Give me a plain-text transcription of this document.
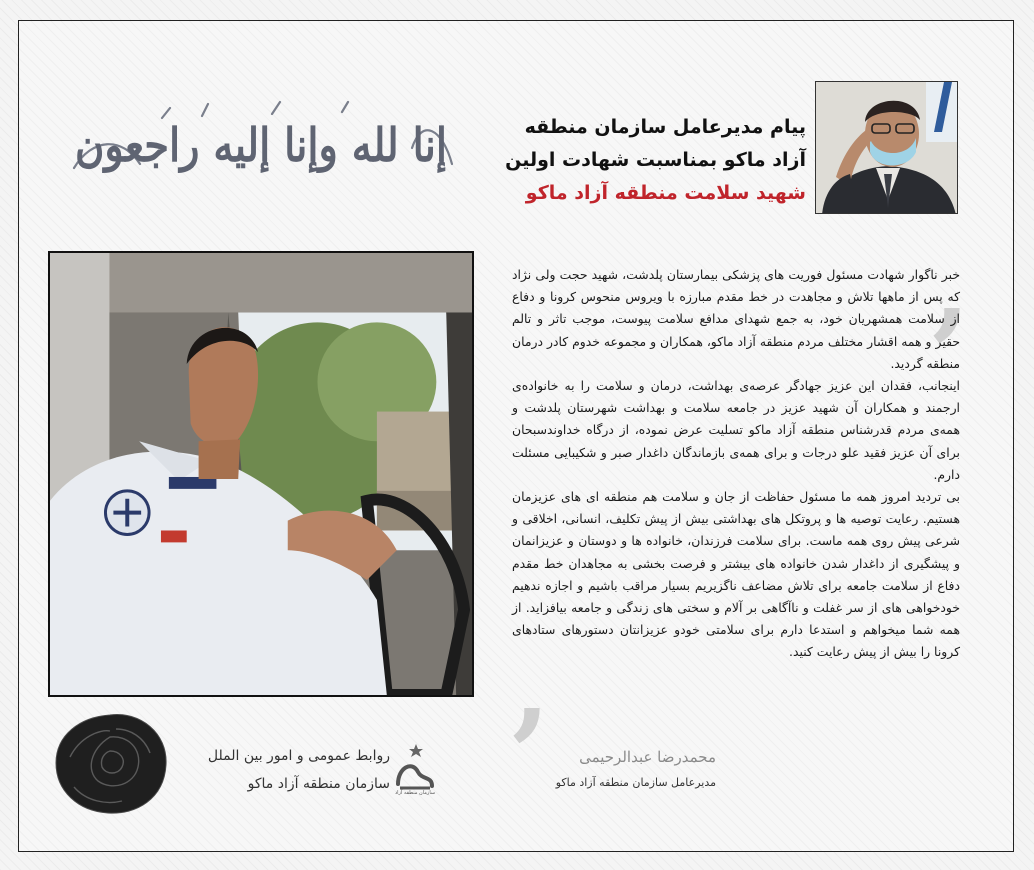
إنا لله وإنا إليه راجعون	پیام مدیرعامل سازمان منطقه
آزاد ماکو بمناسبت شهادت اولین
شهید سلامت منطقه آزاد ماکو
,
,

خبر ناگوار شهادت مسئول فوریت های پزشکی بیمارستان پلدشت، شهید حجت ولی نژاد که پس از ماهها تلاش و مجاهدت در خط مقدم مبارزه با ویروس منحوس کرونا و دفاع از سلامت همشهریان خود، به جمع شهدای مدافع سلامت پیوست، موجب تاثر و تالم حقیر و همه اقشار مختلف مردم منطقه آزاد ماکو، همکاران و مجموعه خدوم کادر درمان منطقه گردید.

اینجانب، فقدان این عزیز جهادگر عرصه‌ی بهداشت، درمان و سلامت را به خانواده‌ی ارجمند و همکاران آن شهید عزیز در جامعه سلامت و بهداشت شهرستان پلدشت و همه‌ی مردم قدرشناس منطقه آزاد ماکو تسلیت عرض نموده، از درگاه خداوندسبحان برای آن عزیز فقید علو درجات و برای همه‌ی بازماندگان داغدار صبر و شکیبایی مسئلت دارم.

بی تردید امروز همه ما مسئول حفاظت از جان و سلامت هم منطقه ای های عزیزمان هستیم. رعایت توصیه ها و پروتکل های بهداشتی بیش از پیش تکلیف، انسانی، اخلاقی و شرعی پیش روی همه ماست. برای سلامت فرزندان، خانواده ها و دوستان و عزیزانمان و پیشگیری از داغدار شدن خانواده های بیشتر و فرصت بخشی به مجاهدان خط مقدم دفاع از سلامت جامعه برای تلاش مضاعف ناگزیریم بسیار مراقب باشیم و اجازه ندهیم خودخواهی های از سر غفلت و ناآگاهی بر آلام و سختی های زندگی و جامعه بیافزاید. از همه شما میخواهم و استدعا دارم برای سلامتی خودو عزیزانتان دستورهای ستادهای کرونا را بیش از پیش رعایت کنید.

محمدرضا عبدالرحیمی
مدیرعامل سازمان منطقه آزاد ماکو
روابط عمومی و امور بین الملل
سازمان منطقه آزاد ماکو
سازمان منطقه آزاد
